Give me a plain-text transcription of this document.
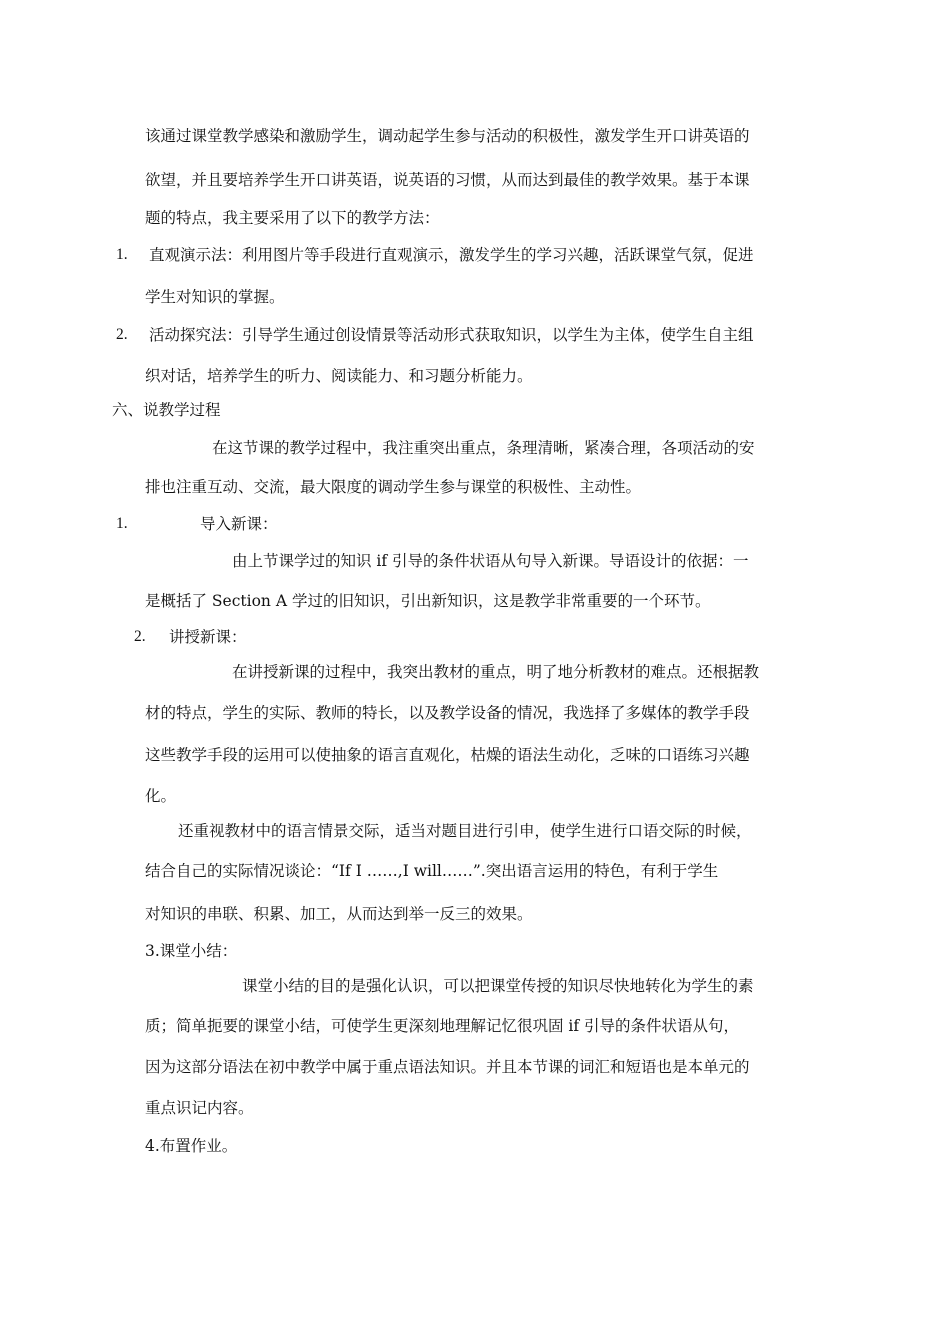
该通过课堂教学感染和激励学生，调动起学生参与活动的积极性，激发学生开口讲英语的
欲望，并且要培养学生开口讲英语，说英语的习惯，从而达到最佳的教学效果。基于本课
题的特点，我主要采用了以下的教学方法：
1. 直观演示法：利用图片等手段进行直观演示，激发学生的学习兴趣，活跃课堂气氛，促进
学生对知识的掌握。
2. 活动探究法：引导学生通过创设情景等活动形式获取知识，以学生为主体，使学生自主组
织对话，培养学生的听力、阅读能力、和习题分析能力。
六、说教学过程
在这节课的教学过程中，我注重突出重点，条理清晰，紧凑合理，各项活动的安
排也注重互动、交流，最大限度的调动学生参与课堂的积极性、主动性。
1.	导入新课：
由上节课学过的知识 if 引导的条件状语从句导入新课。导语设计的依据：一
是概括了 Section A 学过的旧知识，引出新知识，这是教学非常重要的一个环节。
2. 讲授新课：
在讲授新课的过程中，我突出教材的重点，明了地分析教材的难点。还根据教
材的特点，学生的实际、教师的特长，以及教学设备的情况，我选择了多媒体的教学手段
这些教学手段的运用可以使抽象的语言直观化，枯燥的语法生动化，乏味的口语练习兴趣
化。
还重视教材中的语言情景交际，适当对题目进行引申，使学生进行口语交际的时候，
结合自己的实际情况谈论：“If I ……,I will……”.突出语言运用的特色，有利于学生
对知识的串联、积累、加工，从而达到举一反三的效果。
3.课堂小结：
课堂小结的目的是强化认识，可以把课堂传授的知识尽快地转化为学生的素
质；简单扼要的课堂小结，可使学生更深刻地理解记忆很巩固 if 引导的条件状语从句，
因为这部分语法在初中教学中属于重点语法知识。并且本节课的词汇和短语也是本单元的
重点识记内容。
4.布置作业。
